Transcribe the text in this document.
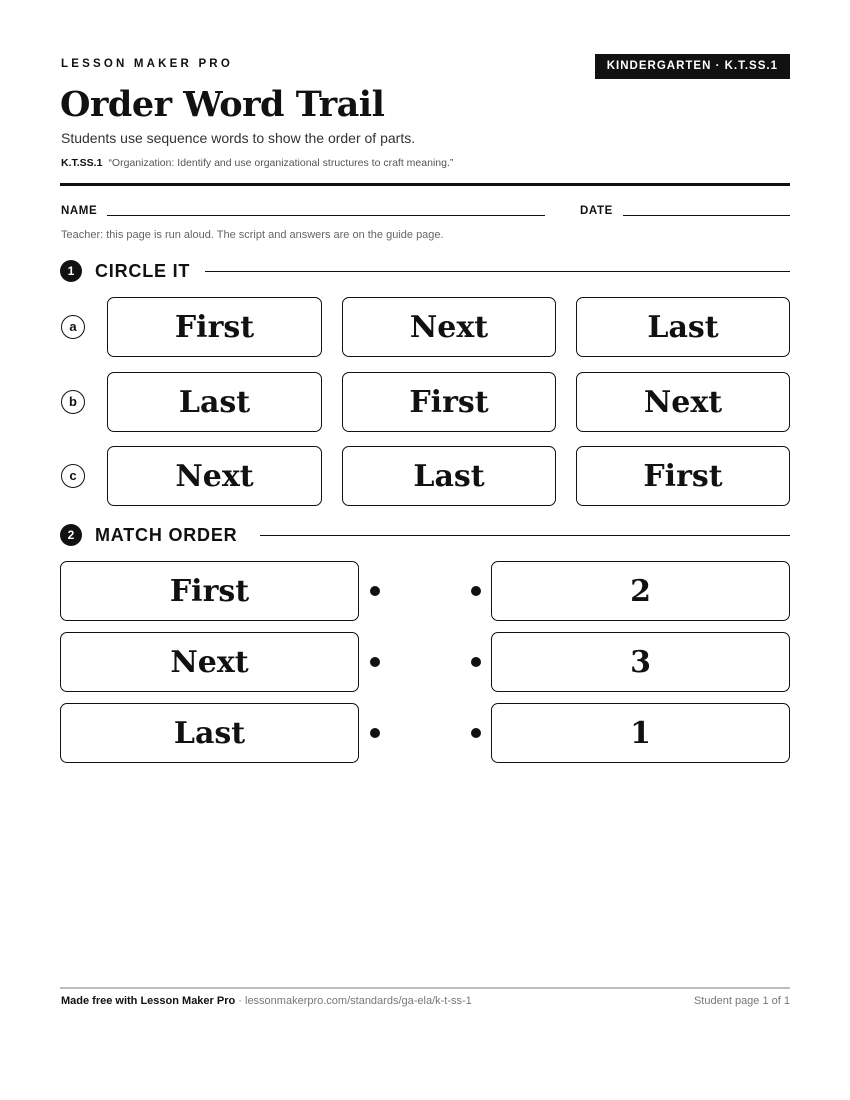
LESSON MAKER PRO	KINDERGARTEN · K.T.SS.1
Order Word Trail
Students use sequence words to show the order of parts.
K.T.SS.1 “Organization: Identify and use organizational structures to craft meaning.”
NAME	DATE
Teacher: this page is run aloud. The script and answers are on the guide page.
1	CIRCLE IT
a	First	Next	Last
b	Last	First	Next
c	Next	Last	First
2	MATCH ORDER
First	2
Next	3
Last	1
Made free with Lesson Maker Pro · lessonmakerpro.com/standards/ga-ela/k-t-ss-1	Student page 1 of 1
